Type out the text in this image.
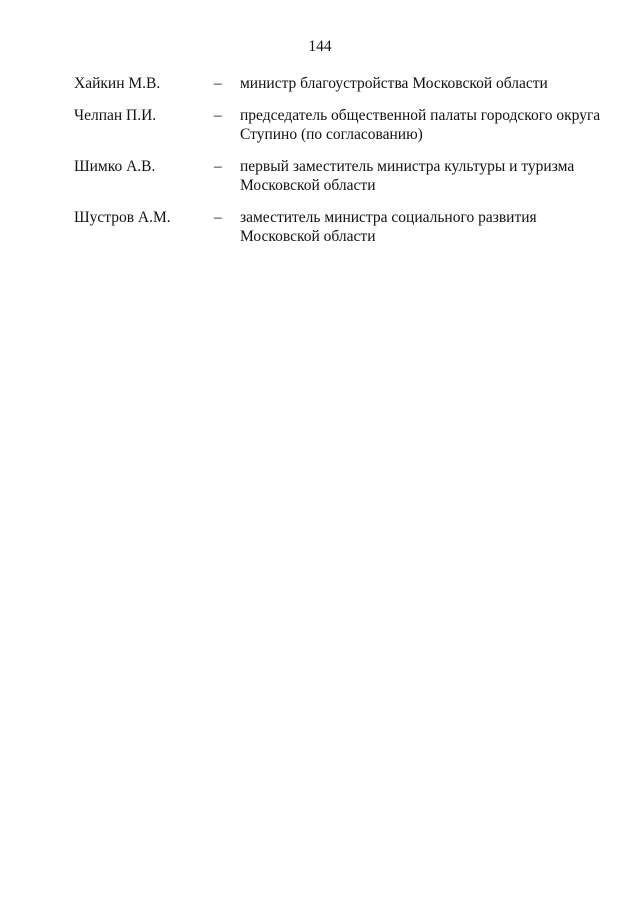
144
Хайкин М.В.	–	министр благоустройства Московской области
Челпан П.И.	–	председатель общественной палаты городского округа Ступино (по согласованию)
Шимко А.В.	–	первый заместитель министра культуры и туризма Московской области
Шустров А.М.	–	заместитель министра социального развития Московской области
